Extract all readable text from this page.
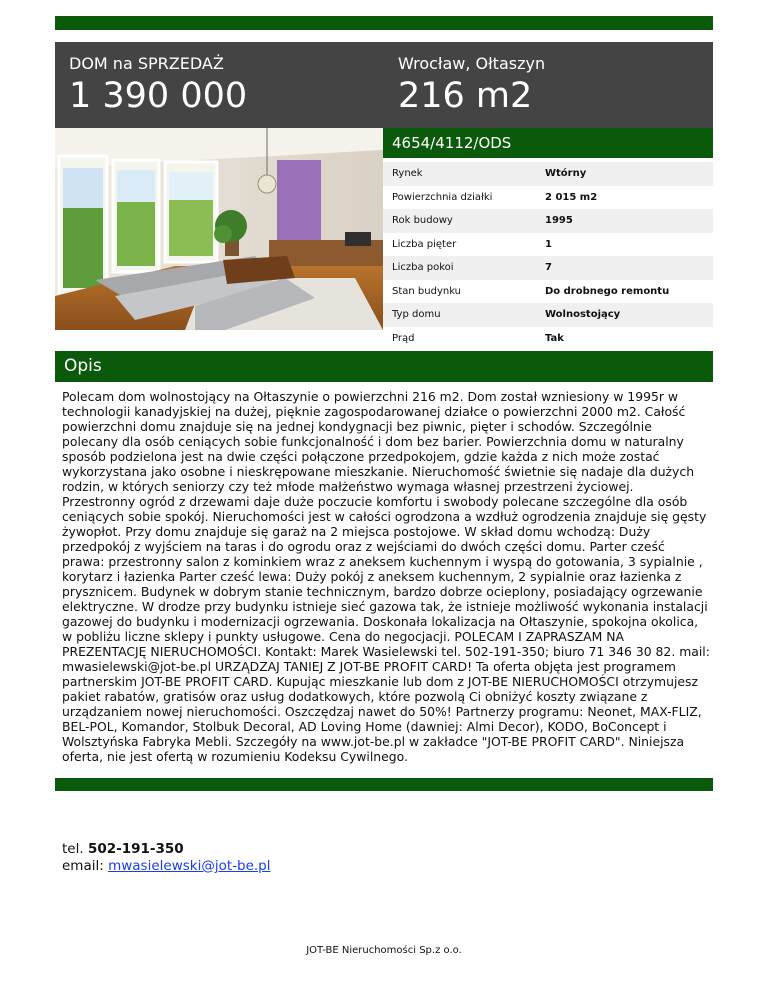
DOM na SPRZEDAŻ
1 390 000
Wrocław, Ołtaszyn
216 m2
4654/4112/ODS
Rynek	Wtórny
Powierzchnia działki	2 015 m2
Rok budowy	1995
Liczba pięter	1
Liczba pokoi	7
Stan budynku	Do drobnego remontu
Typ domu	Wolnostojący
Prąd	Tak
Opis

Polecam dom wolnostojący na Ołtaszynie o powierzchni 216 m2. Dom został wzniesiony w 1995r w technologii kanadyjskiej na dużej, pięknie zagospodarowanej działce o powierzchni 2000 m2. Całość powierzchni domu znajduje się na jednej kondygnacji bez piwnic, pięter i schodów. Szczególnie polecany dla osób ceniących sobie funkcjonalność i dom bez barier. Powierzchnia domu w naturalny sposób podzielona jest na dwie części połączone przedpokojem, gdzie każda z nich może zostać wykorzystana jako osobne i nieskrępowane mieszkanie. Nieruchomość świetnie się nadaje dla dużych rodzin, w których seniorzy czy też młode małżeństwo wymaga własnej przestrzeni życiowej. Przestronny ogród z drzewami daje duże poczucie komfortu i swobody polecane szczególne dla osób ceniących sobie spokój. Nieruchomości jest w całości ogrodzona a wzdłuż ogrodzenia znajduje się gęsty żywopłot. Przy domu znajduje się garaż na 2 miejsca postojowe. W skład domu wchodzą: Duży przedpokój z wyjściem na taras i do ogrodu oraz z wejściami do dwóch części domu. Parter cześć prawa: przestronny salon z kominkiem wraz z aneksem kuchennym i wyspą do gotowania, 3 sypialnie , korytarz i łazienka Parter cześć lewa: Duży pokój z aneksem kuchennym, 2 sypialnie oraz łazienka z prysznicem. Budynek w dobrym stanie technicznym, bardzo dobrze ocieplony, posiadający ogrzewanie elektryczne. W drodze przy budynku istnieje sieć gazowa tak, że istnieje możliwość wykonania instalacji gazowej do budynku i modernizacji ogrzewania. Doskonała lokalizacja na Ołtaszynie, spokojna okolica, w pobliżu liczne sklepy i punkty usługowe. Cena do negocjacji. POLECAM I ZAPRASZAM NA PREZENTACJĘ NIERUCHOMOŚCI. Kontakt: Marek Wasielewski tel. 502-191-350; biuro 71 346 30 82. mail: mwasielewski@jot-be.pl URZĄDZAJ TANIEJ Z JOT-BE PROFIT CARD! Ta oferta objęta jest programem partnerskim JOT-BE PROFIT CARD. Kupując mieszkanie lub dom z JOT-BE NIERUCHOMOŚCI otrzymujesz pakiet rabatów, gratisów oraz usług dodatkowych, które pozwolą Ci obniżyć koszty związane z urządzaniem nowej nieruchomości. Oszczędzaj nawet do 50%! Partnerzy programu: Neonet, MAX-FLIZ, BEL-POL, Komandor, Stolbuk Decoral, AD Loving Home (dawniej: Almi Decor), KODO, BoConcept i Wolsztyńska Fabryka Mebli. Szczegóły na www.jot-be.pl w zakładce "JOT-BE PROFIT CARD". Niniejsza oferta, nie jest ofertą w rozumieniu Kodeksu Cywilnego.

tel. 502-191-350
email: mwasielewski@jot-be.pl
JOT-BE Nieruchomości Sp.z o.o.
